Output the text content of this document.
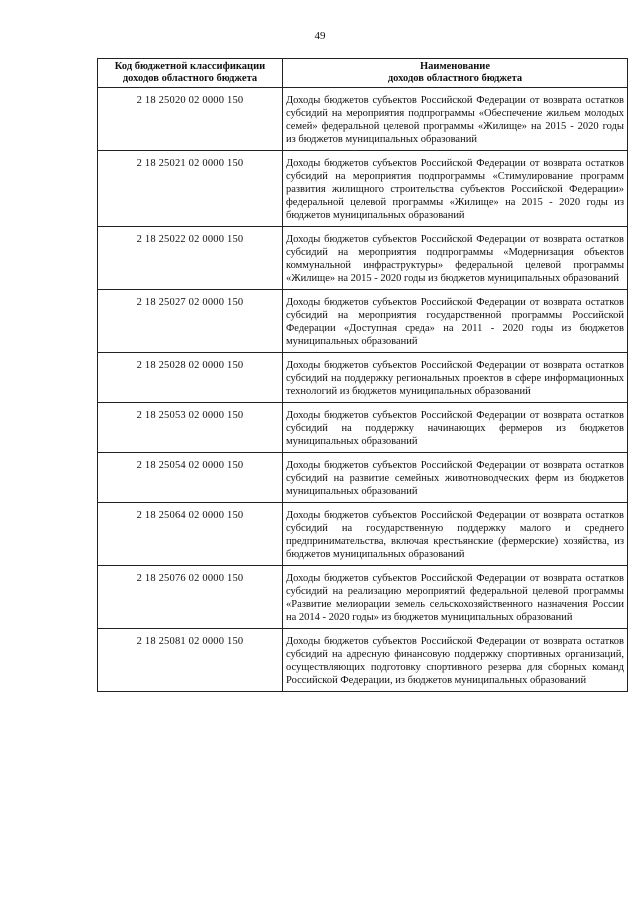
49
Код бюджетной классификации доходов областного бюджета	Наименование
доходов областного бюджета

2 18 25020 02 0000 150	Доходы бюджетов субъектов Российской Федерации от возврата остатков субсидий на мероприятия подпрограммы «Обеспечение жильем молодых семей» федеральной целевой программы «Жилище» на 2015 - 2020 годы из бюджетов муниципальных образований
2 18 25021 02 0000 150	Доходы бюджетов субъектов Российской Федерации от возврата остатков субсидий на мероприятия подпрограммы «Стимулирование программ развития жилищного строительства субъектов Российской Федерации» федеральной целевой программы «Жилище» на 2015 - 2020 годы из бюджетов муниципальных образований
2 18 25022 02 0000 150	Доходы бюджетов субъектов Российской Федерации от возврата остатков субсидий на мероприятия подпрограммы «Модернизация объектов коммунальной инфраструктуры» федеральной целевой программы «Жилище» на 2015 - 2020 годы из бюджетов муниципальных образований
2 18 25027 02 0000 150	Доходы бюджетов субъектов Российской Федерации от возврата остатков субсидий на мероприятия государственной программы Российской Федерации «Доступная среда» на 2011 - 2020 годы из бюджетов муниципальных образований
2 18 25028 02 0000 150	Доходы бюджетов субъектов Российской Федерации от возврата остатков субсидий на поддержку региональных проектов в сфере информационных технологий из бюджетов муниципальных образований
2 18 25053 02 0000 150	Доходы бюджетов субъектов Российской Федерации от возврата остатков субсидий на поддержку начинающих фермеров из бюджетов муниципальных образований
2 18 25054 02 0000 150	Доходы бюджетов субъектов Российской Федерации от возврата остатков субсидий на развитие семейных животноводческих ферм из бюджетов муниципальных образований
2 18 25064 02 0000 150	Доходы бюджетов субъектов Российской Федерации от возврата остатков субсидий на государственную поддержку малого и среднего предпринимательства, включая крестьянские (фермерские) хозяйства, из бюджетов муниципальных образований
2 18 25076 02 0000 150	Доходы бюджетов субъектов Российской Федерации от возврата остатков субсидий на реализацию мероприятий федеральной целевой программы «Развитие мелиорации земель сельскохозяйственного назначения России на 2014 - 2020 годы» из бюджетов муниципальных образований
2 18 25081 02 0000 150	Доходы бюджетов субъектов Российской Федерации от возврата остатков субсидий на адресную финансовую поддержку спортивных организаций, осуществляющих подготовку спортивного резерва для сборных команд Российской Федерации, из бюджетов муниципальных образований
